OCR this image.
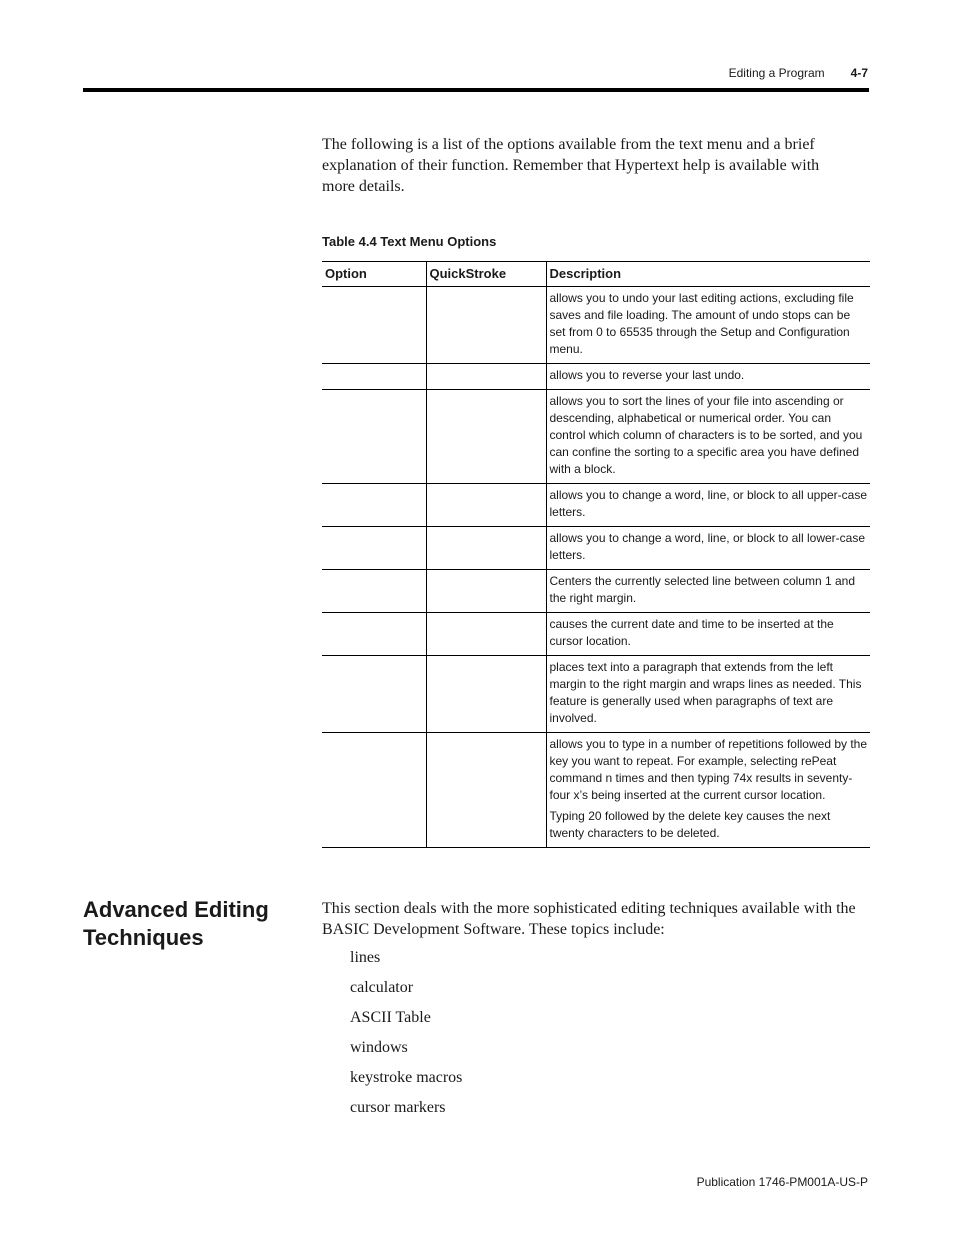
Editing a Program 4-7

The following is a list of the options available from the text menu and a brief explanation of their function. Remember that Hypertext help is available with more details.

Table 4.4 Text Menu Options

Option	QuickStroke	Description

		allows you to undo your last editing actions, excluding file saves and file loading. The amount of undo stops can be set from 0 to 65535 through the Setup and Configuration menu.

		allows you to reverse your last undo.

		allows you to sort the lines of your file into ascending or descending, alphabetical or numerical order. You can control which column of characters is to be sorted, and you can confine the sorting to a specific area you have defined with a block.

		allows you to change a word, line, or block to all upper-case letters.

		allows you to change a word, line, or block to all lower-case letters.

		Centers the currently selected line between column 1 and the right margin.

		causes the current date and time to be inserted at the cursor location.

		places text into a paragraph that extends from the left margin to the right margin and wraps lines as needed. This feature is generally used when paragraphs of text are involved.

		allows you to type in a number of repetitions followed by the key you want to repeat. For example, selecting rePeat command n times and then typing 74x results in seventy-four x’s being inserted at the current cursor location.

Typing 20 followed by the delete key causes the next twenty characters to be deleted.

Advanced Editing Techniques

This section deals with the more sophisticated editing techniques available with the BASIC Development Software. These topics include:

lines
calculator
ASCII Table
windows
keystroke macros
cursor markers
Publication 1746-PM001A-US-P
